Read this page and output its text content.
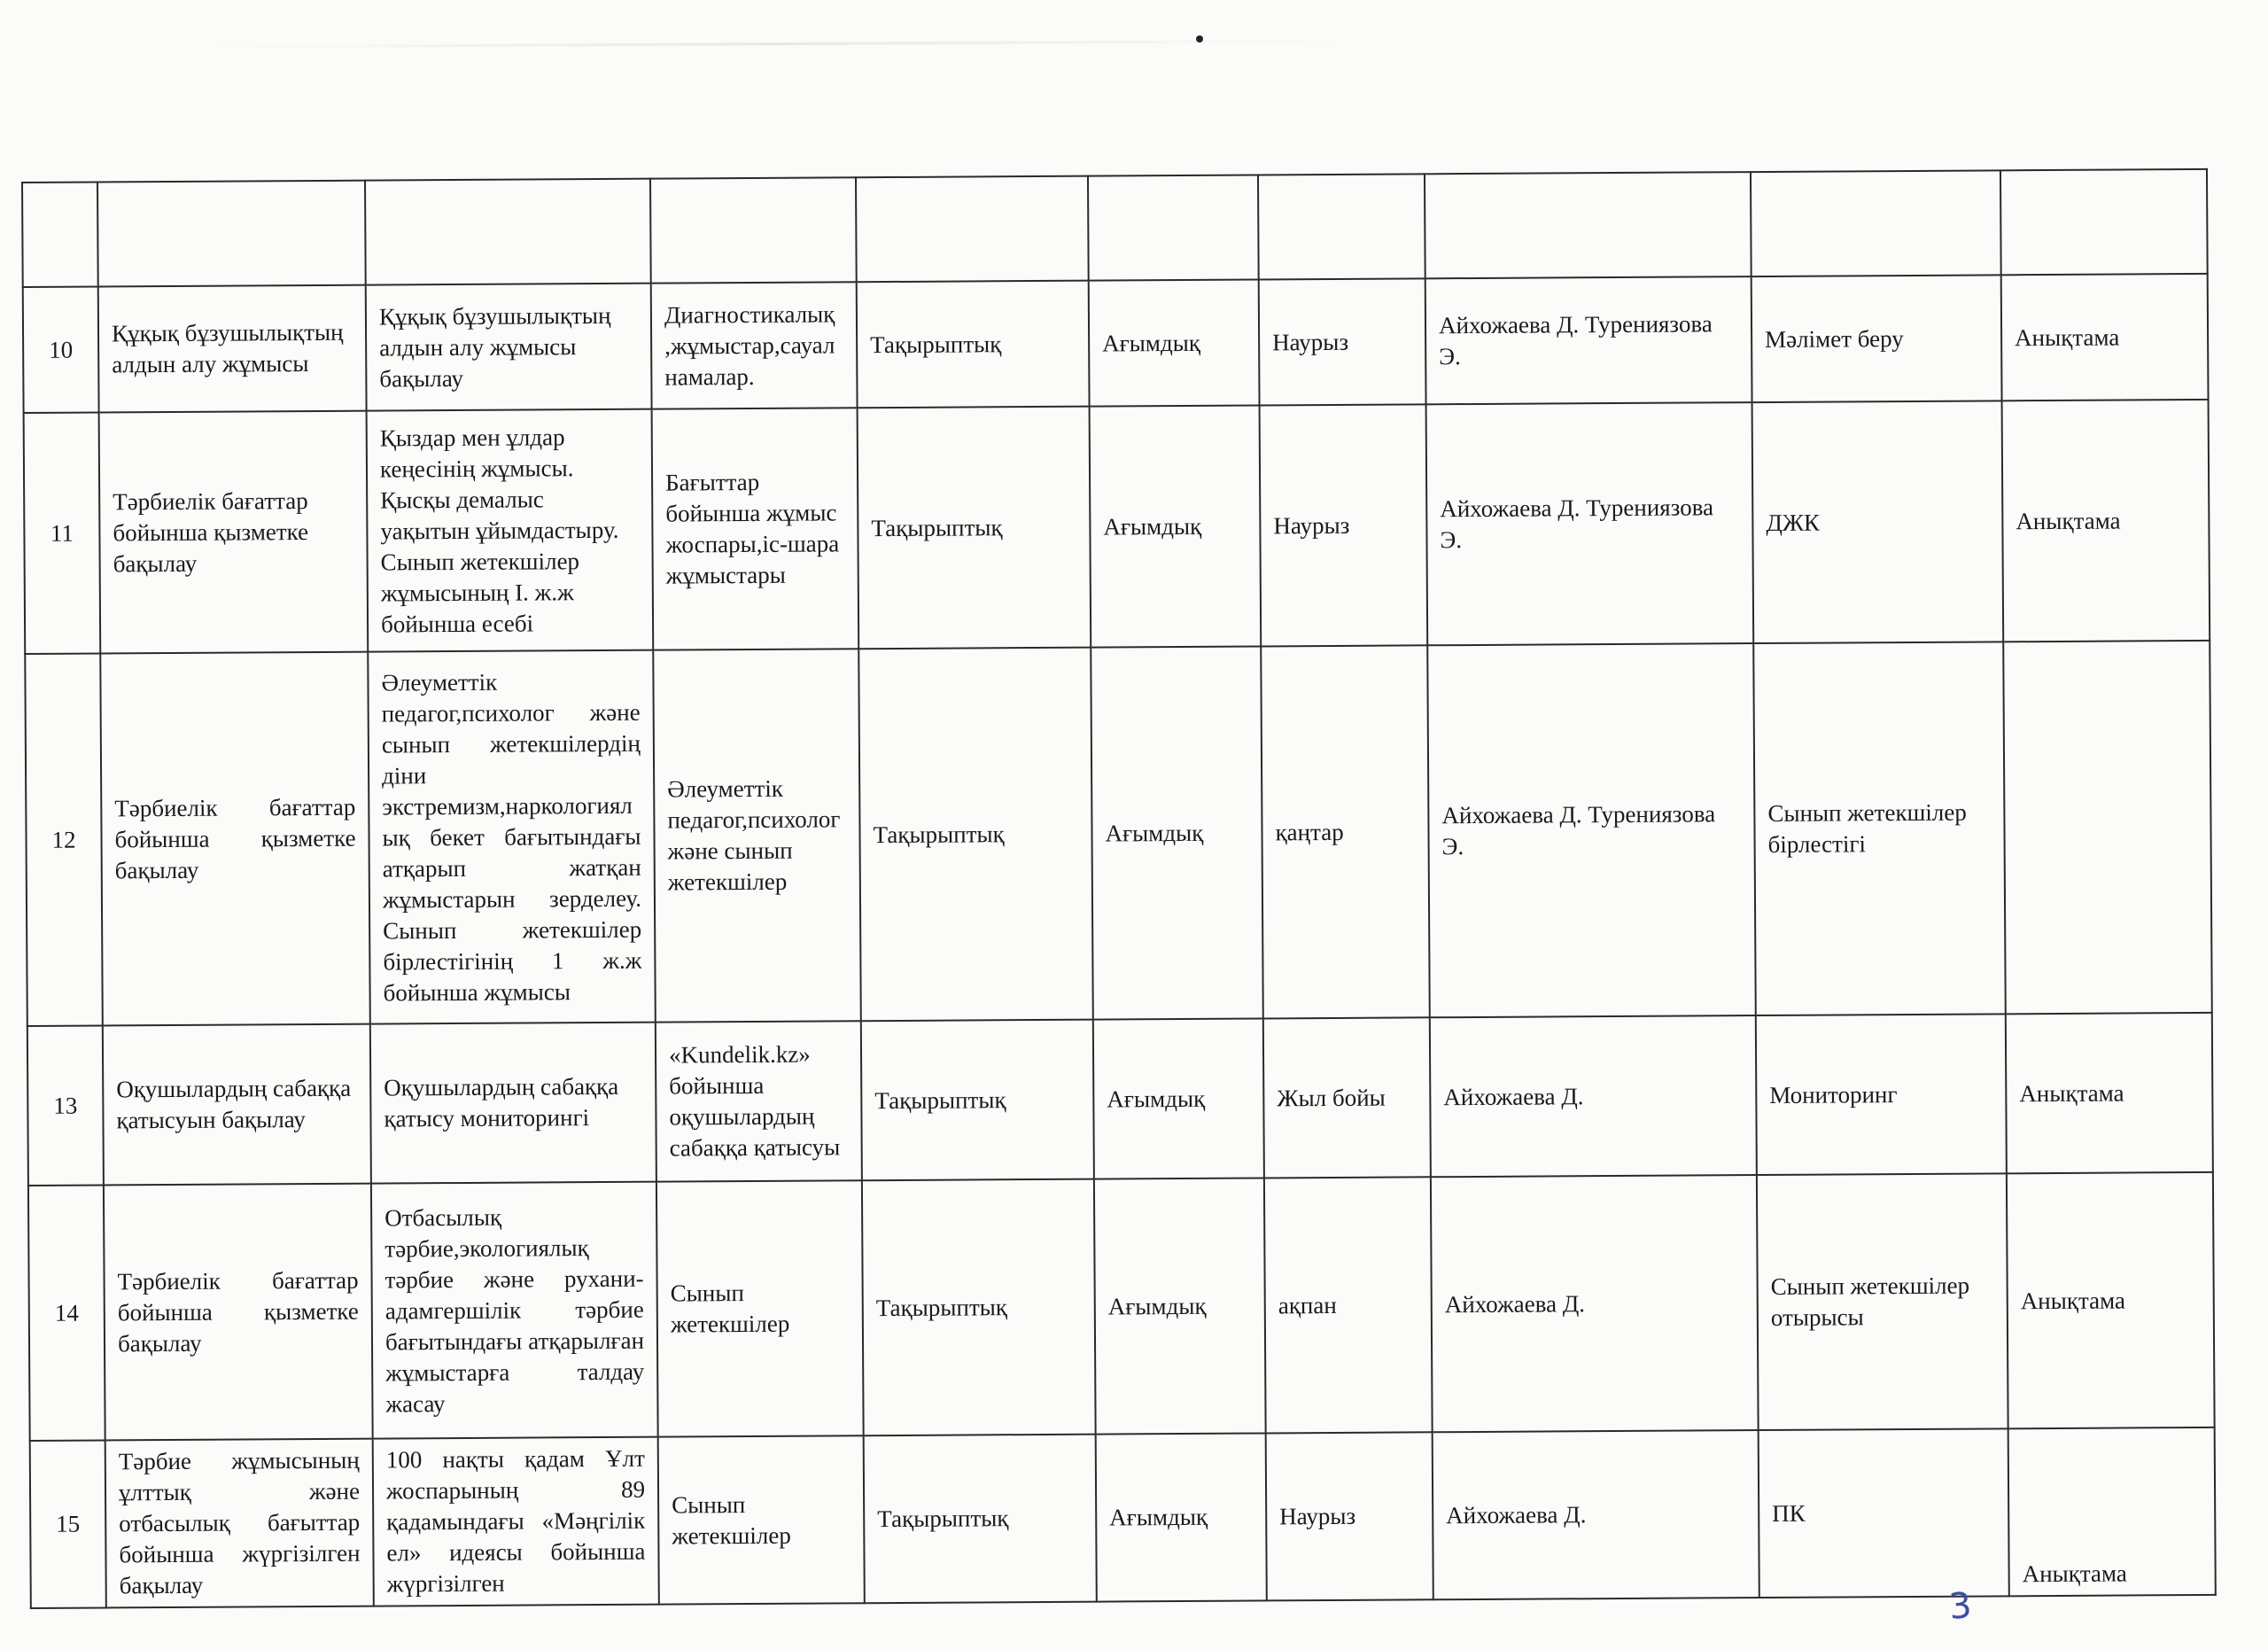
10	Құқық бұзушылықтың алдын алу жұмысы	Құқық бұзушылықтың алдын алу жұмысы бақылау	Диагностикалық ,жұмыстар,сауалнамалар.	Тақырыптық	Ағымдық	Наурыз	Айхожаева Д. Турениязова Э.	Мәлімет беру	Анықтама
11	Тәрбиелік бағаттар бойынша қызметке бақылау	Қыздар мен ұлдар кеңесінің жұмысы. Қысқы демалыс уақытын ұйымдастыру. Сынып жетекшілер жұмысының І. ж.ж бойынша есебі	Бағыттар бойынша жұмыс жоспары,іс-шара жұмыстары	Тақырыптық	Ағымдық	Наурыз	Айхожаева Д. Турениязова Э.	ДЖК	Анықтама
12	Тәрбиелік бағаттар бойынша қызметке бақылау	Әлеуметтік педагог,психолог және сынып жетекшілердің діни экстремизм,наркологиялық бекет бағытындағы атқарып жатқан жұмыстарын зерделеу. Сынып жетекшілер бірлестігінің 1 ж.ж бойынша жұмысы	Әлеуметтік педагог,психолог және сынып жетекшілер	Тақырыптық	Ағымдық	қаңтар	Айхожаева Д. Турениязова Э.	Сынып жетекшілер бірлестігі	
13	Оқушылардың сабаққа қатысуын бақылау	Оқушылардың сабаққа қатысу мониторингі	«Kundelik.kz» бойынша оқушылардың сабаққа қатысуы	Тақырыптық	Ағымдық	Жыл бойы	Айхожаева Д.	Мониторинг	Анықтама
14	Тәрбиелік бағаттар бойынша қызметке бақылау	Отбасылық тәрбие,экологиялық тәрбие және рухани-адамгершілік тәрбие бағытындағы атқарылған жұмыстарға талдау жасау	Сынып жетекшілер	Тақырыптық	Ағымдық	ақпан	Айхожаева Д.	Сынып жетекшілер отырысы	Анықтама
15	Тәрбие жұмысының ұлттық және отбасылық бағыттар бойынша жүргізілген бақылау	100 нақты қадам Ұлт жоспарының 89 қадамындағы «Мәңгілік ел» идеясы бойынша жүргізілген	Сынып жетекшілер	Тақырыптық	Ағымдық	Наурыз	Айхожаева Д.	ПК	Анықтама
3
